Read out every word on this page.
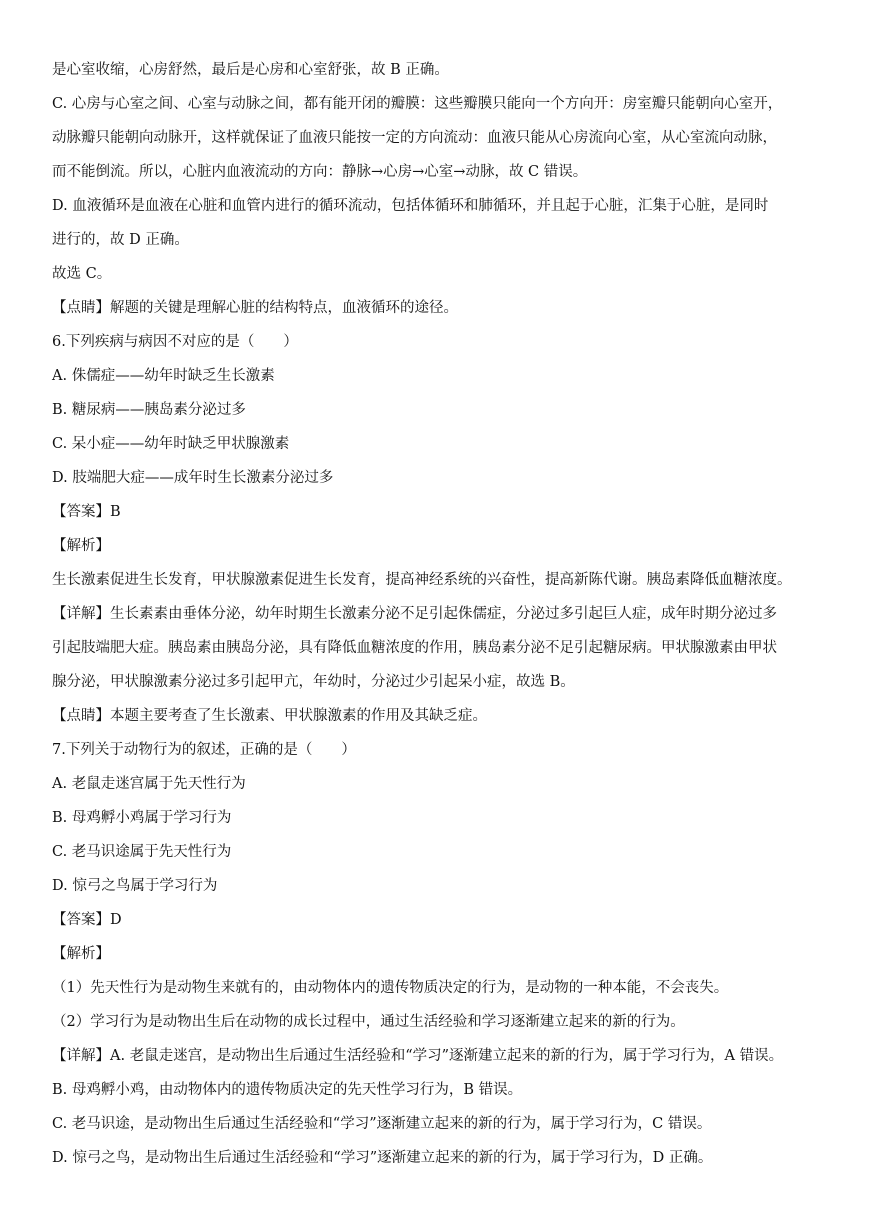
是心室收缩，心房舒然，最后是心房和心室舒张，故 B 正确。
C. 心房与心室之间、心室与动脉之间，都有能开闭的瓣膜：这些瓣膜只能向一个方向开：房室瓣只能朝向心室开，
动脉瓣只能朝向动脉开，这样就保证了血液只能按一定的方向流动：血液只能从心房流向心室，从心室流向动脉，
而不能倒流。所以，心脏内血液流动的方向：静脉→心房→心室→动脉，故 C 错误。
D. 血液循环是血液在心脏和血管内进行的循环流动，包括体循环和肺循环，并且起于心脏，汇集于心脏，是同时
进行的，故 D 正确。
故选 C。
【点睛】解题的关键是理解心脏的结构特点，血液循环的途径。
6.下列疾病与病因不对应的是（　　）
A. 侏儒症——幼年时缺乏生长激素
B. 糖尿病——胰岛素分泌过多
C. 呆小症——幼年时缺乏甲状腺激素
D. 肢端肥大症——成年时生长激素分泌过多
【答案】B
【解析】
生长激素促进生长发育，甲状腺激素促进生长发育，提高神经系统的兴奋性，提高新陈代谢。胰岛素降低血糖浓度。
【详解】生长素素由垂体分泌，幼年时期生长激素分泌不足引起侏儒症，分泌过多引起巨人症，成年时期分泌过多
引起肢端肥大症。胰岛素由胰岛分泌，具有降低血糖浓度的作用，胰岛素分泌不足引起糖尿病。甲状腺激素由甲状
腺分泌，甲状腺激素分泌过多引起甲亢，年幼时，分泌过少引起呆小症，故选 B。
【点睛】本题主要考查了生长激素、甲状腺激素的作用及其缺乏症。
7.下列关于动物行为的叙述，正确的是（　　）
A. 老鼠走迷宫属于先天性行为
B. 母鸡孵小鸡属于学习行为
C. 老马识途属于先天性行为
D. 惊弓之鸟属于学习行为
【答案】D
【解析】
（1）先天性行为是动物生来就有的，由动物体内的遗传物质决定的行为，是动物的一种本能，不会丧失。
（2）学习行为是动物出生后在动物的成长过程中，通过生活经验和学习逐渐建立起来的新的行为。
【详解】A. 老鼠走迷宫，是动物出生后通过生活经验和“学习”逐渐建立起来的新的行为，属于学习行为，A 错误。
B. 母鸡孵小鸡，由动物体内的遗传物质决定的先天性学习行为，B 错误。
C. 老马识途，是动物出生后通过生活经验和“学习”逐渐建立起来的新的行为，属于学习行为，C 错误。
D. 惊弓之鸟，是动物出生后通过生活经验和“学习”逐渐建立起来的新的行为，属于学习行为，D 正确。
